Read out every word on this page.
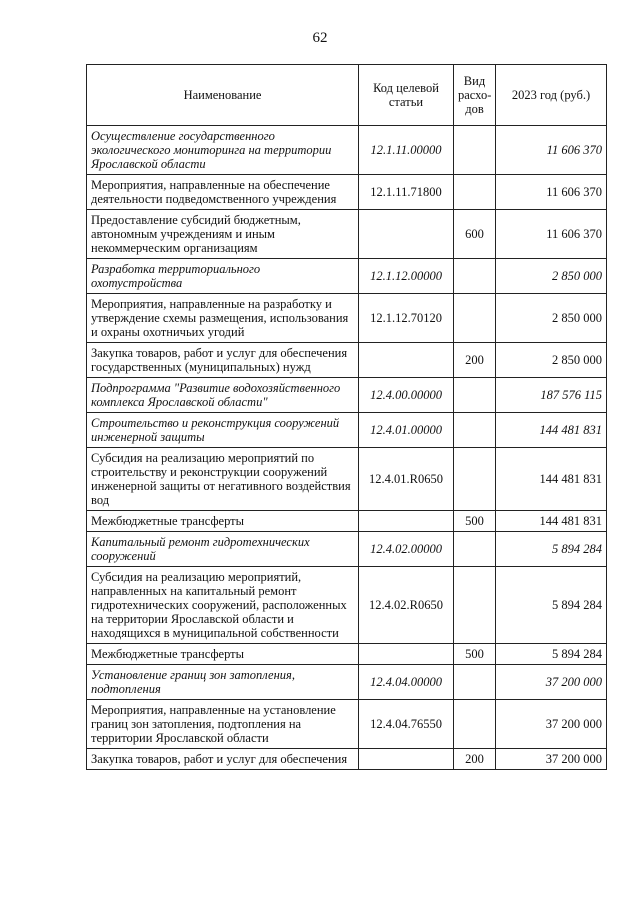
62
Наименование	Код целевой статьи	Вид расхо-дов	2023 год (руб.)
Осуществление государственного экологического мониторинга на территории Ярославской области	12.1.11.00000		11 606 370
Мероприятия, направленные на обеспечение деятельности подведомственного учреждения	12.1.11.71800		11 606 370
Предоставление субсидий бюджетным, автономным учреждениям и иным некоммерческим организациям		600	11 606 370
Разработка территориального охотустройства	12.1.12.00000		2 850 000
Мероприятия, направленные на разработку и утверждение схемы размещения, использования и охраны охотничьих угодий	12.1.12.70120		2 850 000
Закупка товаров, работ и услуг для обеспечения государственных (муниципальных) нужд		200	2 850 000
Подпрограмма "Развитие водохозяйственного комплекса Ярославской области"	12.4.00.00000		187 576 115
Строительство и реконструкция сооружений инженерной защиты	12.4.01.00000		144 481 831
Субсидия на реализацию мероприятий по строительству и реконструкции сооружений инженерной защиты от негативного воздействия вод	12.4.01.R0650		144 481 831
Межбюджетные трансферты		500	144 481 831
Капитальный ремонт гидротехнических сооружений	12.4.02.00000		5 894 284
Субсидия на реализацию мероприятий, направленных на капитальный ремонт гидротехнических сооружений, расположенных на территории Ярославской области и находящихся в муниципальной собственности	12.4.02.R0650		5 894 284
Межбюджетные трансферты		500	5 894 284
Установление границ зон затопления, подтопления	12.4.04.00000		37 200 000
Мероприятия, направленные на установление границ зон затопления, подтопления на территории Ярославской области	12.4.04.76550		37 200 000
Закупка товаров, работ и услуг для обеспечения		200	37 200 000
